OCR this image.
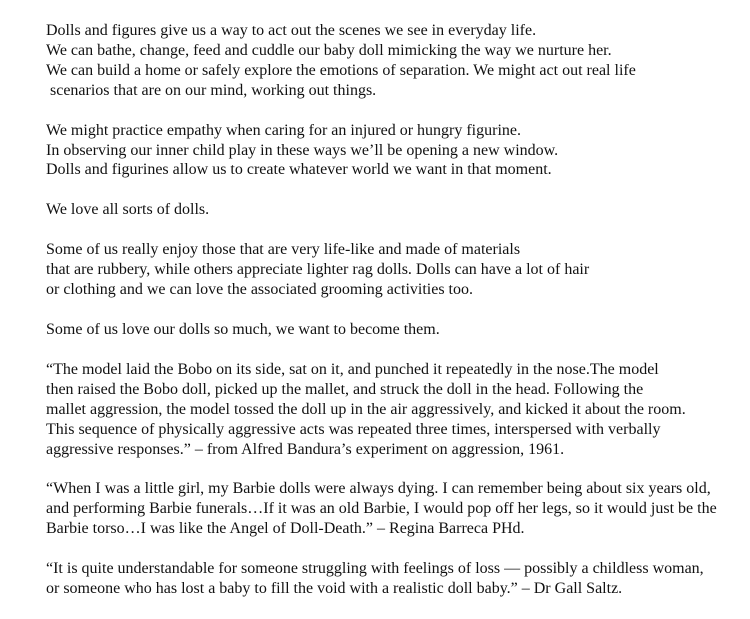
Dolls and figures give us a way to act out the scenes we see in everyday life.
We can bathe, change, feed and cuddle our baby doll mimicking the way we nurture her.
We can build a home or safely explore the emotions of separation. We might act out real life
scenarios that are on our mind, working out things.

We might practice empathy when caring for an injured or hungry figurine.
In observing our inner child play in these ways we’ll be opening a new window.
Dolls and figurines allow us to create whatever world we want in that moment.

We love all sorts of dolls.

Some of us really enjoy those that are very life-like and made of materials
that are rubbery, while others appreciate lighter rag dolls. Dolls can have a lot of hair
or clothing and we can love the associated grooming activities too.

Some of us love our dolls so much, we want to become them.

“The model laid the Bobo on its side, sat on it, and punched it repeatedly in the nose.The model
then raised the Bobo doll, picked up the mallet, and struck the doll in the head. Following the
mallet aggression, the model tossed the doll up in the air aggressively, and kicked it about the room.
This sequence of physically aggressive acts was repeated three times, interspersed with verbally
aggressive responses.” – from Alfred Bandura’s experiment on aggression, 1961.

“When I was a little girl, my Barbie dolls were always dying. I can remember being about six years old,
and performing Barbie funerals…If it was an old Barbie, I would pop off her legs, so it would just be the
Barbie torso…I was like the Angel of Doll-Death.” – Regina Barreca PHd.

“It is quite understandable for someone struggling with feelings of loss — possibly a childless woman,
or someone who has lost a baby to fill the void with a realistic doll baby.” – Dr Gall Saltz.
